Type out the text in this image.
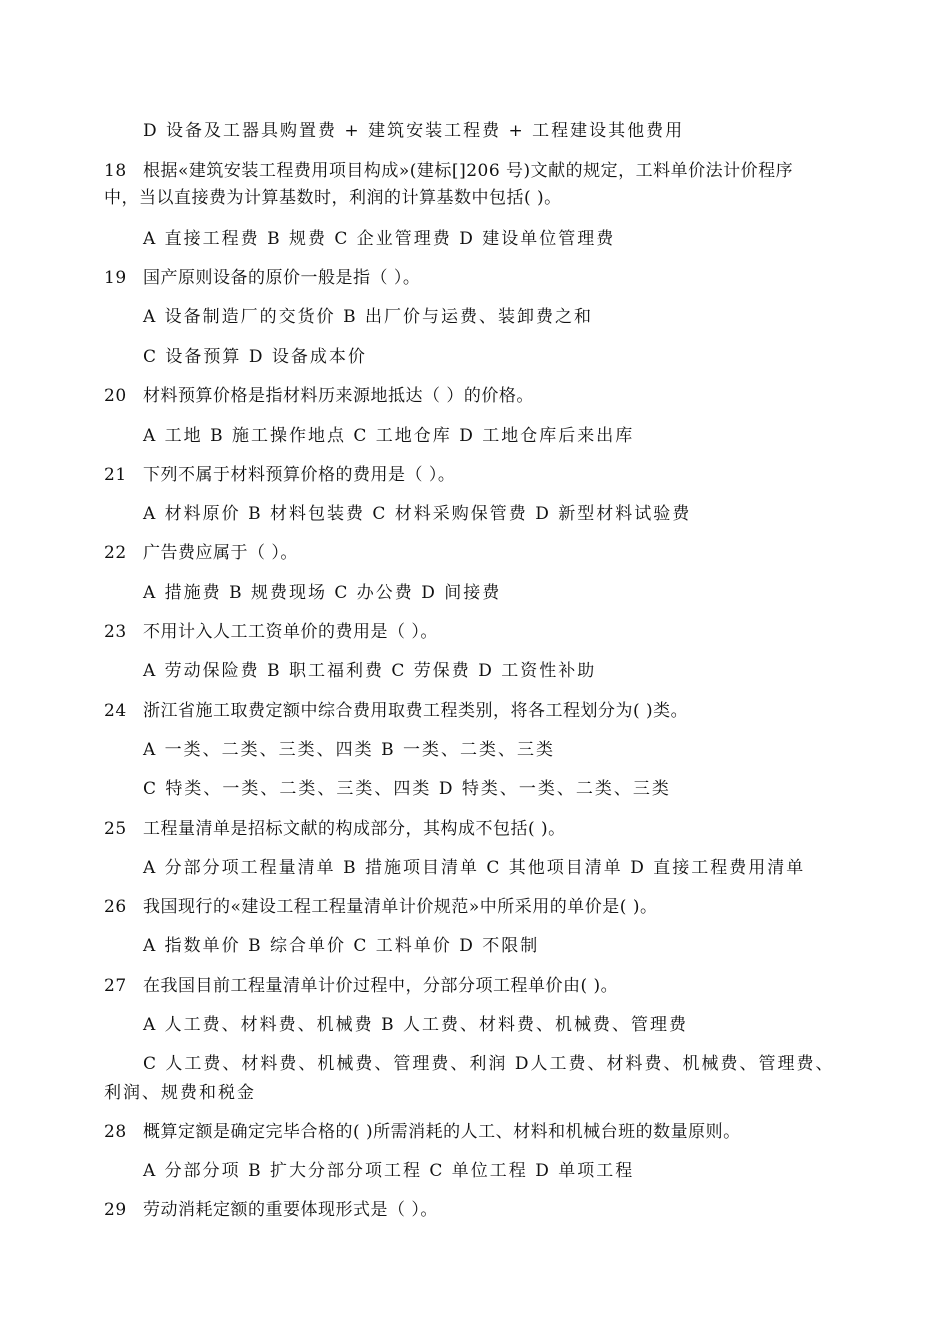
D 设备及工器具购置费 + 建筑安装工程费 + 工程建设其他费用
18 根据«建筑安装工程费用项目构成»(建标[]206 号)文献的规定，工料单价法计价程序
中，当以直接费为计算基数时，利润的计算基数中包括( )。
A 直接工程费 B 规费 C 企业管理费 D 建设单位管理费
19 国产原则设备的原价一般是指（ ）。
A 设备制造厂的交货价 B 出厂价与运费、装卸费之和
C 设备预算 D 设备成本价
20 材料预算价格是指材料历来源地抵达（ ）的价格。
A 工地 B 施工操作地点 C 工地仓库 D 工地仓库后来出库
21 下列不属于材料预算价格的费用是（ ）。
A 材料原价 B 材料包装费 C 材料采购保管费 D 新型材料试验费
22 广告费应属于（ ）。
A 措施费 B 规费现场 C 办公费 D 间接费
23 不用计入人工工资单价的费用是（ ）。
A 劳动保险费 B 职工福利费 C 劳保费 D 工资性补助
24 浙江省施工取费定额中综合费用取费工程类别，将各工程划分为( )类。
A 一类、二类、三类、四类 B 一类、二类、三类
C 特类、一类、二类、三类、四类 D 特类、一类、二类、三类
25 工程量清单是招标文献的构成部分，其构成不包括( )。
A 分部分项工程量清单 B 措施项目清单 C 其他项目清单 D 直接工程费用清单
26 我国现行的«建设工程工程量清单计价规范»中所采用的单价是( )。
A 指数单价 B 综合单价 C 工料单价 D 不限制
27 在我国目前工程量清单计价过程中，分部分项工程单价由( )。
A 人工费、材料费、机械费 B 人工费、材料费、机械费、管理费
C 人工费、材料费、机械费、管理费、利润 D人工费、材料费、机械费、管理费、
利润、规费和税金
28 概算定额是确定完毕合格的( )所需消耗的人工、材料和机械台班的数量原则。
A 分部分项 B 扩大分部分项工程 C 单位工程 D 单项工程
29 劳动消耗定额的重要体现形式是（ ）。
